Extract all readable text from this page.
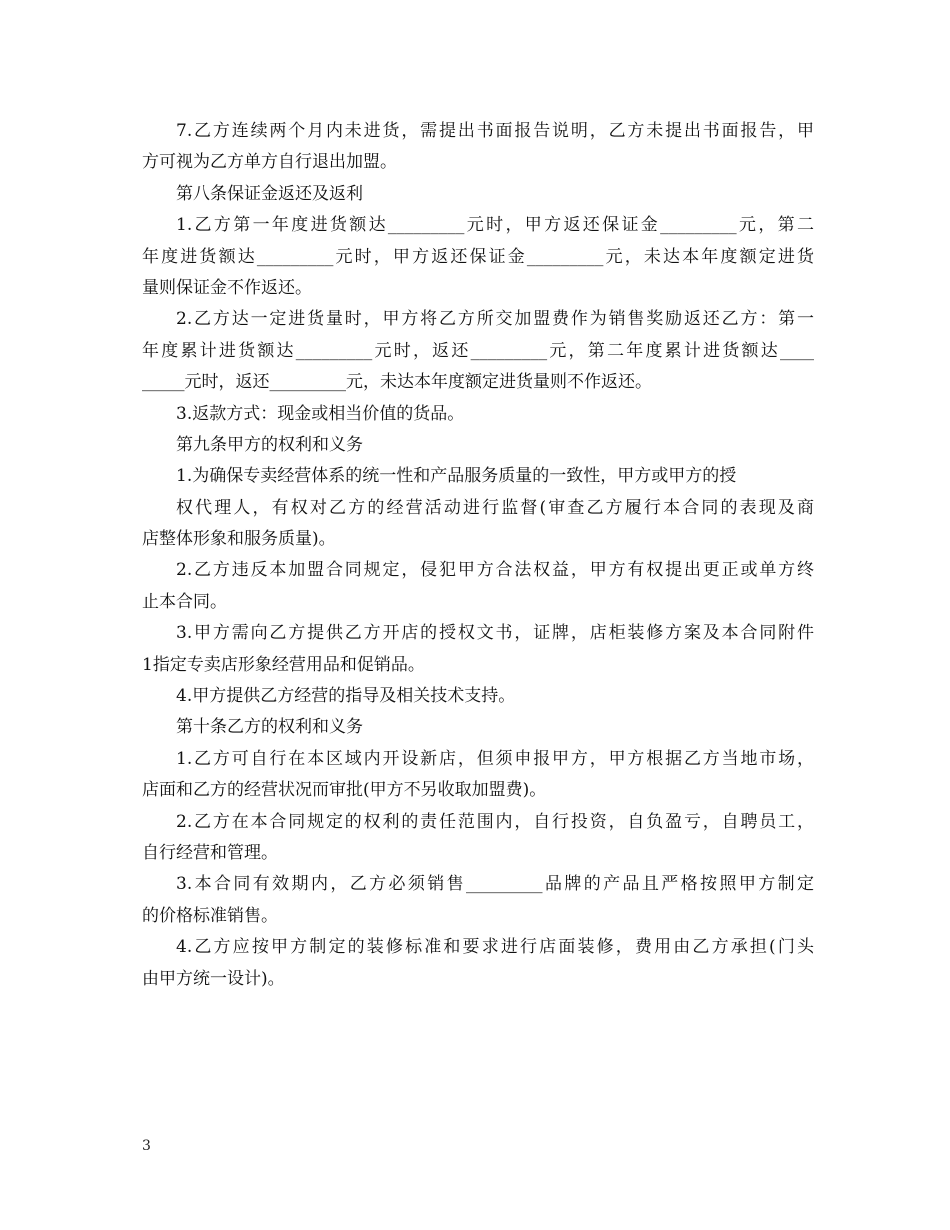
7.乙方连续两个月内未进货，需提出书面报告说明，乙方未提出书面报告，甲
方可视为乙方单方自行退出加盟。
第八条保证金返还及返利
1.乙方第一年度进货额达_________元时，甲方返还保证金_________元，第二
年度进货额达_________元时，甲方返还保证金_________元，未达本年度额定进货
量则保证金不作返还。
2.乙方达一定进货量时，甲方将乙方所交加盟费作为销售奖励返还乙方：第一
年度累计进货额达_________元时，返还_________元，第二年度累计进货额达____
_____元时，返还_________元，未达本年度额定进货量则不作返还。
3.返款方式：现金或相当价值的货品。
第九条甲方的权利和义务
1.为确保专卖经营体系的统一性和产品服务质量的一致性，甲方或甲方的授
权代理人，有权对乙方的经营活动进行监督(审查乙方履行本合同的表现及商
店整体形象和服务质量)。
2.乙方违反本加盟合同规定，侵犯甲方合法权益，甲方有权提出更正或单方终
止本合同。
3.甲方需向乙方提供乙方开店的授权文书，证牌，店柜装修方案及本合同附件
1指定专卖店形象经营用品和促销品。
4.甲方提供乙方经营的指导及相关技术支持。
第十条乙方的权利和义务
1.乙方可自行在本区域内开设新店，但须申报甲方，甲方根据乙方当地市场，
店面和乙方的经营状况而审批(甲方不另收取加盟费)。
2.乙方在本合同规定的权利的责任范围内，自行投资，自负盈亏，自聘员工，
自行经营和管理。
3.本合同有效期内，乙方必须销售_________品牌的产品且严格按照甲方制定
的价格标准销售。
4.乙方应按甲方制定的装修标准和要求进行店面装修，费用由乙方承担(门头
由甲方统一设计)。
3
